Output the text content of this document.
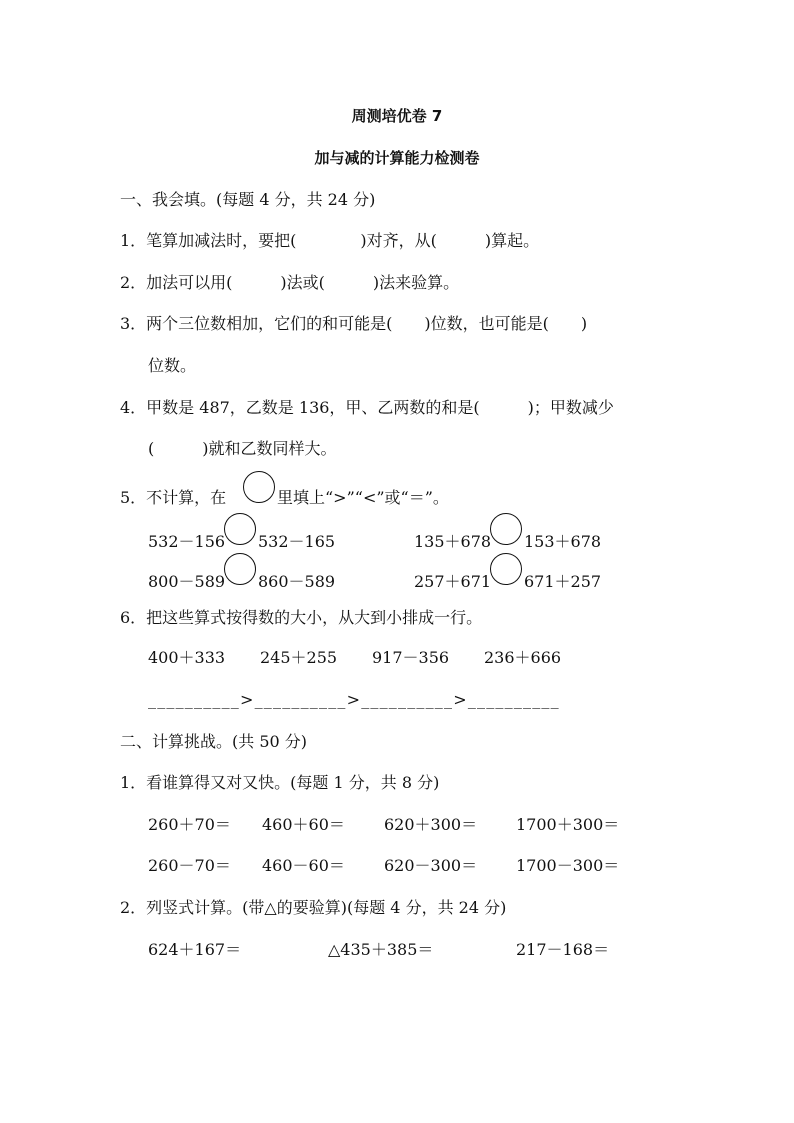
周测培优卷 7
加与减的计算能力检测卷
一、我会填。(每题 4 分，共 24 分)
1．笔算加减法时，要把(　　　　)对齐，从(　　　)算起。
2．加法可以用(　　　)法或(　　　)法来验算。
3．两个三位数相加，它们的和可能是(　　)位数，也可能是(　　)
位数。
4．甲数是 487，乙数是 136，甲、乙两数的和是(　　　)；甲数减少
(　　　)就和乙数同样大。
5．不计算，在	里填上“>”“<”或“＝”。
532－156 532－165	135＋678 153＋678
800－589 860－589	257＋671 671＋257
6．把这些算式按得数的大小，从大到小排成一行。
400＋333 245＋255 917－356 236＋666
__________>__________>__________>__________
二、计算挑战。(共 50 分)
1．看谁算得又对又快。(每题 1 分，共 8 分)
260＋70＝ 460＋60＝ 620＋300＝ 1700＋300＝
260－70＝ 460－60＝ 620－300＝ 1700－300＝
2．列竖式计算。(带△的要验算)(每题 4 分，共 24 分)
624＋167＝	△435＋385＝	217－168＝
